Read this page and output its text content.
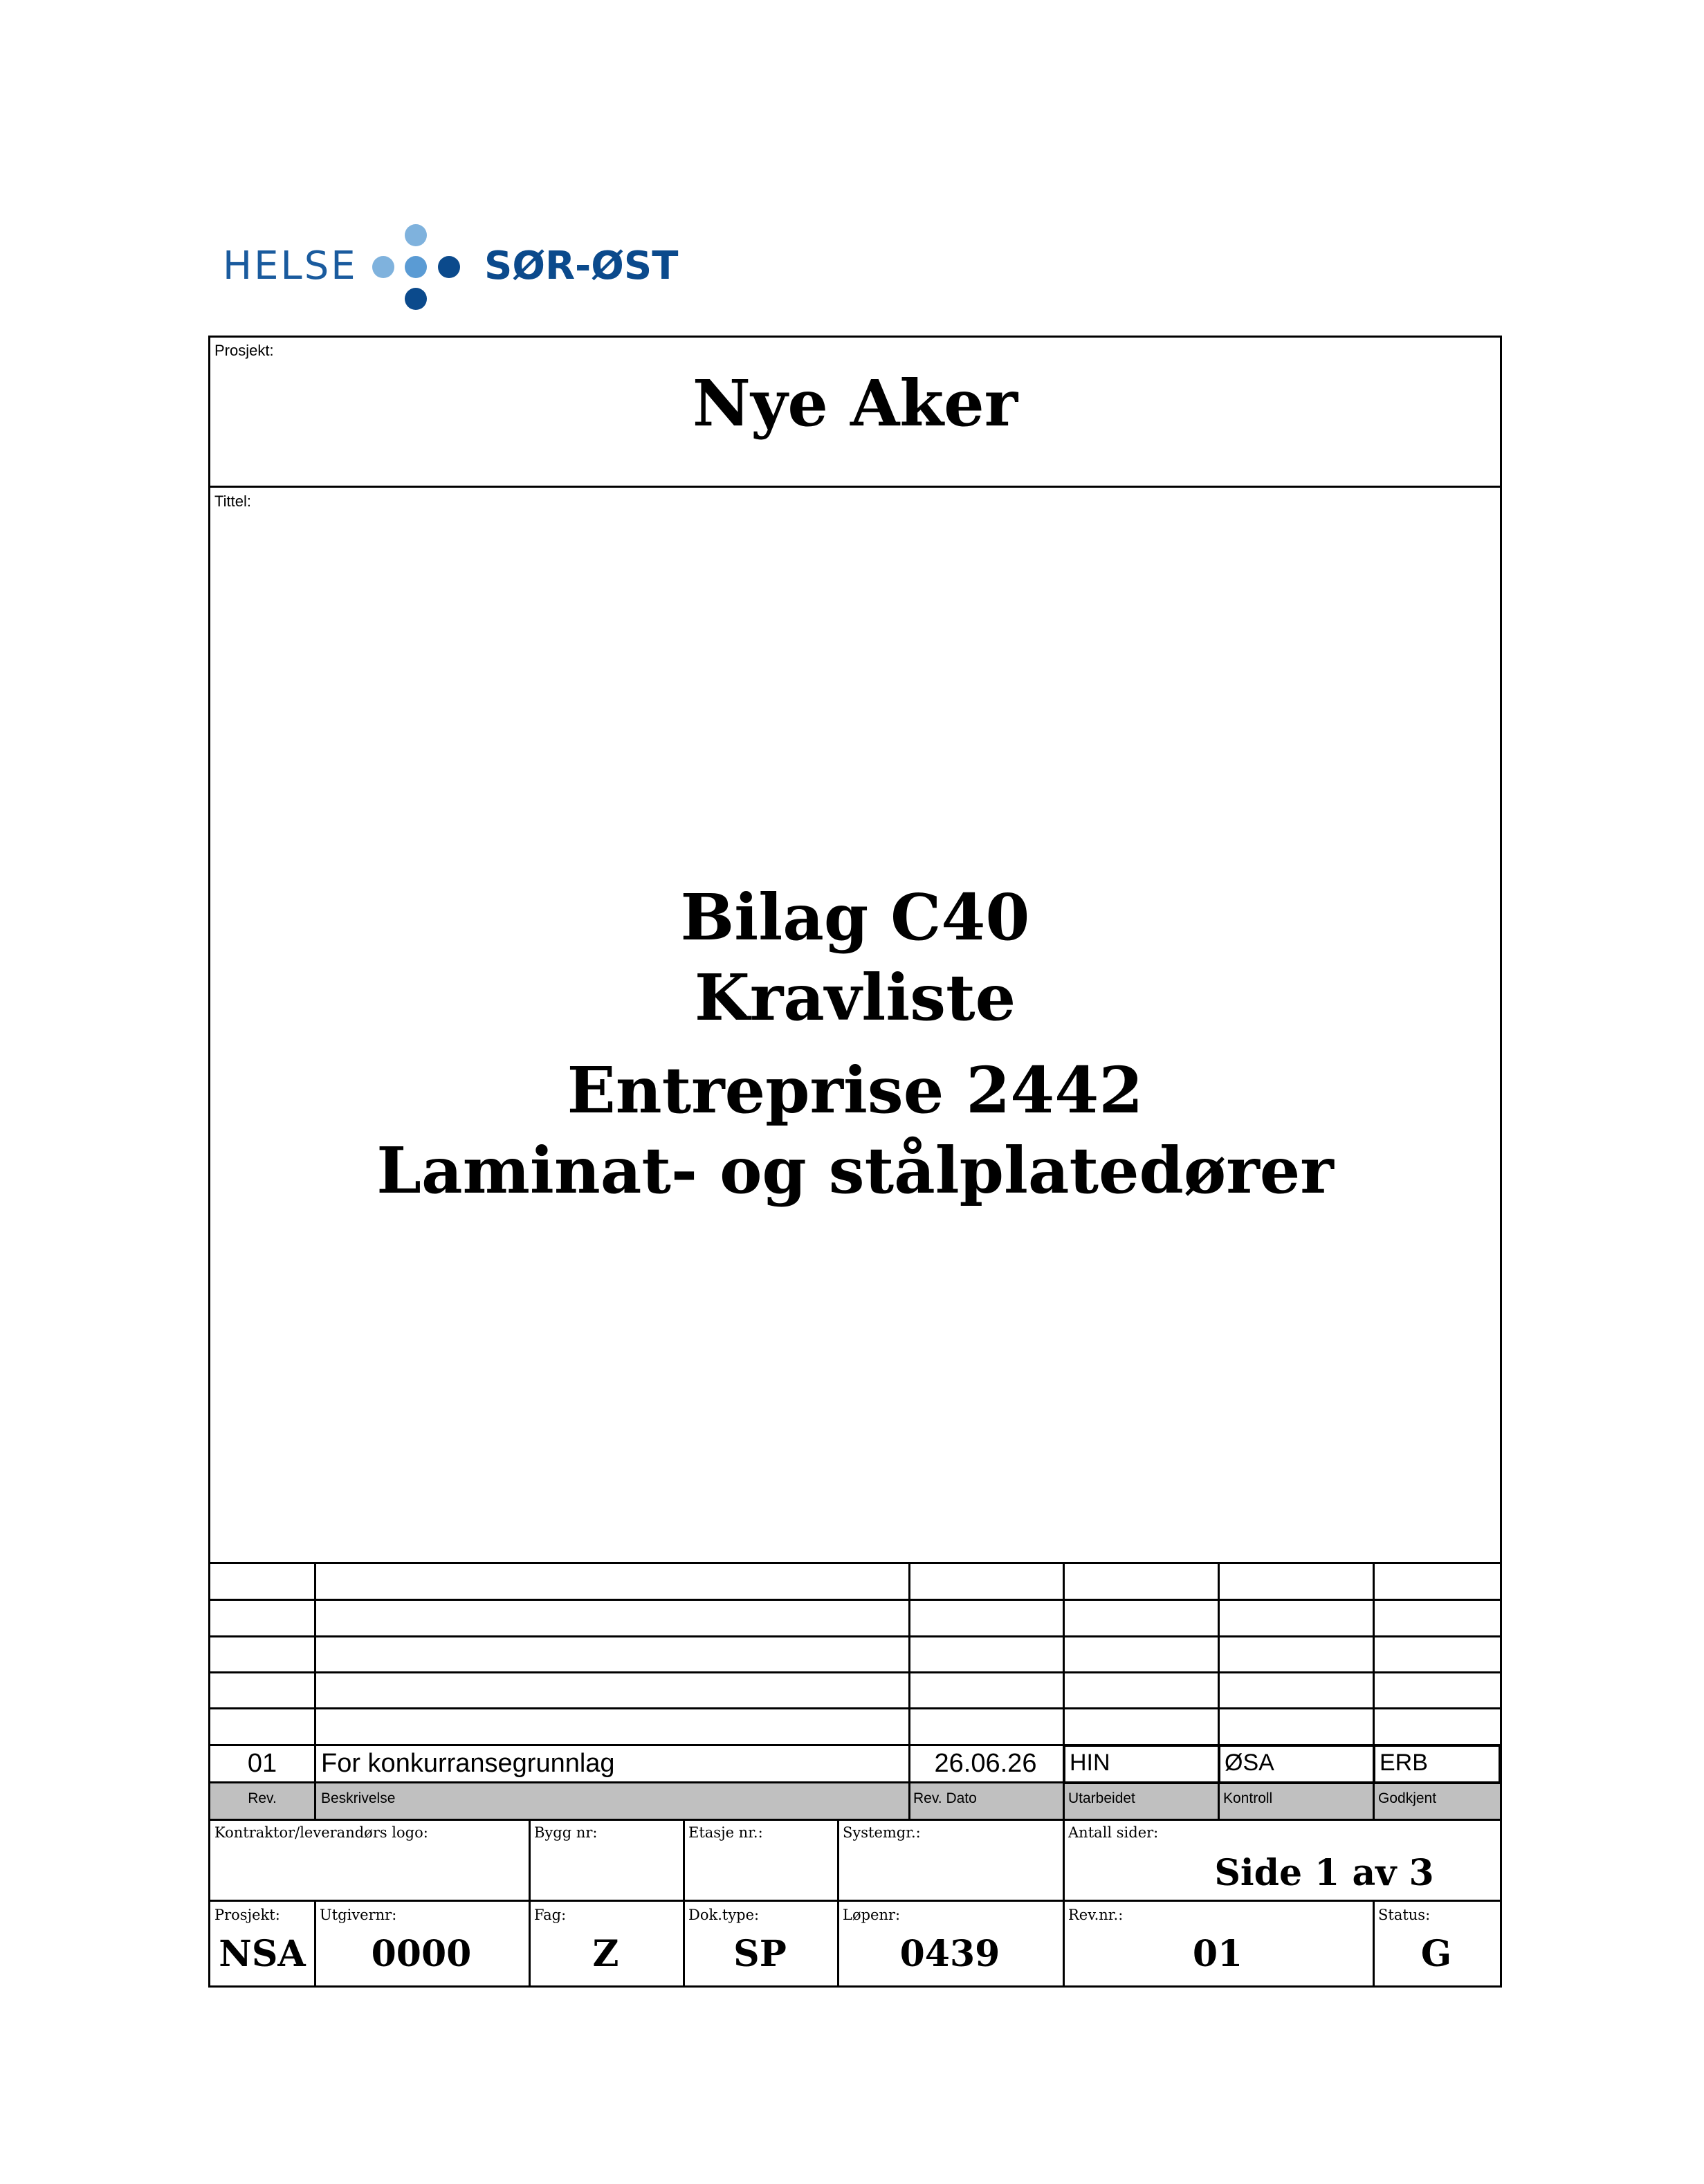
HELSE	SØR-ØST
Prosjekt:
Nye Aker
Tittel:
Bilag C40
Kravliste
Entreprise 2442
Laminat- og stålplatedører
01	For konkurransegrunnlag	26.06.26	HIN	ØSA	ERB
Rev.	Beskrivelse	Rev. Dato	Utarbeidet	Kontroll	Godkjent
Kontraktor/leverandørs logo:	Bygg nr:	Etasje nr.:	Systemgr.:	Antall sider:
Side 1 av 3
Prosjekt:	Utgivernr:	Fag:	Dok.type:	Løpenr:	Rev.nr.:	Status:
NSA	0000	Z	SP	0439	01	G
